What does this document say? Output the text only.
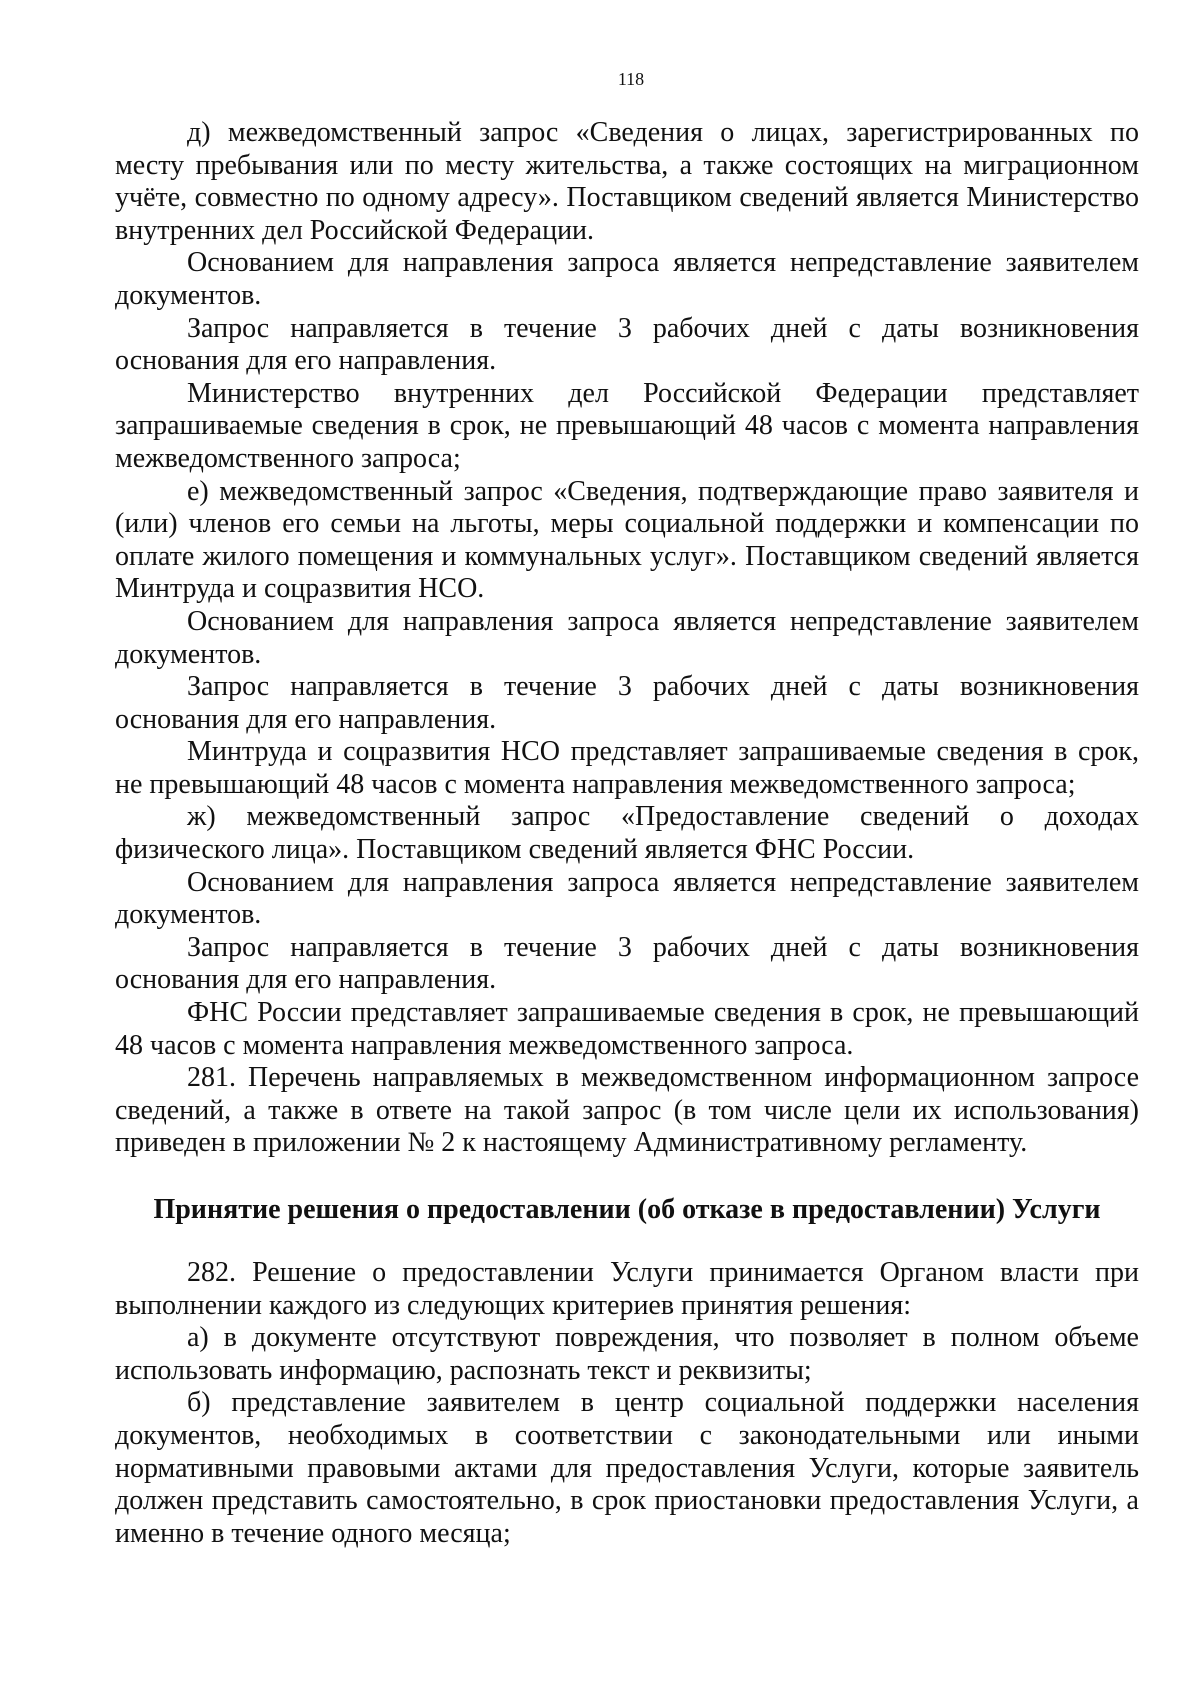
118

д) межведомственный запрос «Сведения о лицах, зарегистрированных по месту пребывания или по месту жительства, а также состоящих на миграционном учёте, совместно по одному адресу». Поставщиком сведений является Министерство внутренних дел Российской Федерации.

Основанием для направления запроса является непредставление заявителем документов.

Запрос направляется в течение 3 рабочих дней с даты возникновения основания для его направления.

Министерство внутренних дел Российской Федерации представляет запрашиваемые сведения в срок, не превышающий 48 часов с момента направления межведомственного запроса;

е) межведомственный запрос «Сведения, подтверждающие право заявителя и (или) членов его семьи на льготы, меры социальной поддержки и компенсации по оплате жилого помещения и коммунальных услуг». Поставщиком сведений является Минтруда и соцразвития НСО.

Основанием для направления запроса является непредставление заявителем документов.

Запрос направляется в течение 3 рабочих дней с даты возникновения основания для его направления.

Минтруда и соцразвития НСО представляет запрашиваемые сведения в срок, не превышающий 48 часов с момента направления межведомственного запроса;

ж) межведомственный запрос «Предоставление сведений о доходах физического лица». Поставщиком сведений является ФНС России.

Основанием для направления запроса является непредставление заявителем документов.

Запрос направляется в течение 3 рабочих дней с даты возникновения основания для его направления.

ФНС России представляет запрашиваемые сведения в срок, не превышающий 48 часов с момента направления межведомственного запроса.

281. Перечень направляемых в межведомственном информационном запросе сведений, а также в ответе на такой запрос (в том числе цели их использования) приведен в приложении № 2 к настоящему Административному регламенту.

Принятие решения о предоставлении (об отказе в предоставлении) Услуги

282. Решение о предоставлении Услуги принимается Органом власти при выполнении каждого из следующих критериев принятия решения:

а) в документе отсутствуют повреждения, что позволяет в полном объеме использовать информацию, распознать текст и реквизиты;

б) представление заявителем в центр социальной поддержки населения документов, необходимых в соответствии с законодательными или иными нормативными правовыми актами для предоставления Услуги, которые заявитель должен представить самостоятельно, в срок приостановки предоставления Услуги, а именно в течение одного месяца;
